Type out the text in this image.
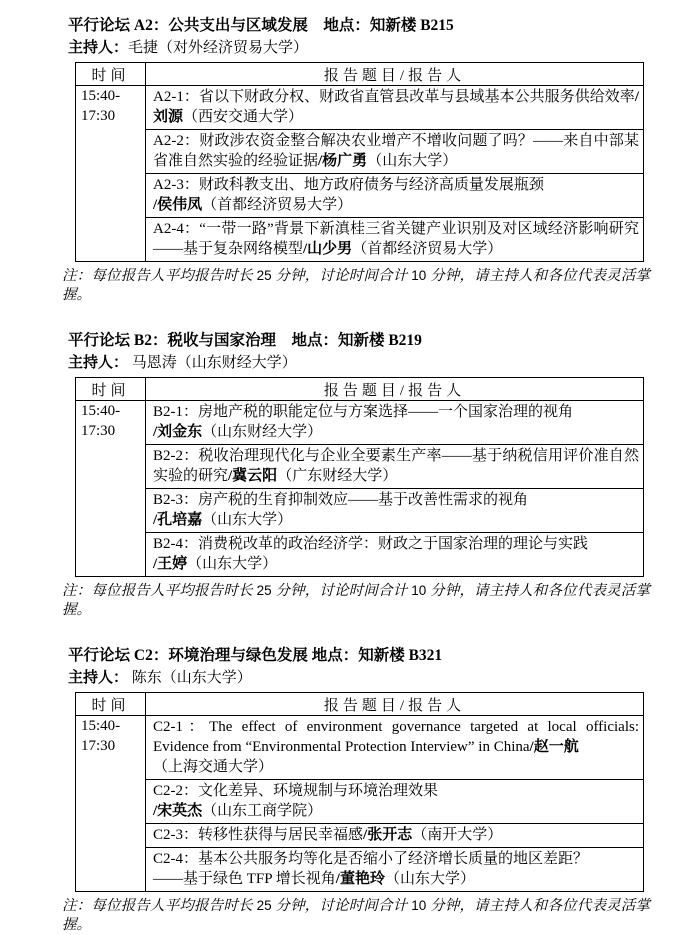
平行论坛 A2：公共支出与区域发展　地点：知新楼 B215
主持人：毛捷（对外经济贸易大学）
时间	报告题目/报告人

15:40-
17:30	A2-1：省以下财政分权、财政省直管县改革与县域基本公共服务供给效率/刘源（西安交通大学）
	A2-2：财政涉农资金整合解决农业增产不增收问题了吗？——来自中部某省准自然实验的经验证据/杨广勇（山东大学）
	A2-3：财政科教支出、地方政府债务与经济高质量发展瓶颈
/侯伟凤（首都经济贸易大学）
	A2-4：“一带一路”背景下新滇桂三省关键产业识别及对区域经济影响研究——基于复杂网络模型/山少男（首都经济贸易大学）
注：每位报告人平均报告时长 25 分钟，讨论时间合计 10 分钟，请主持人和各位代表灵活掌握。
平行论坛 B2：税收与国家治理　地点：知新楼 B219
主持人： 马恩涛（山东财经大学）
时间	报告题目/报告人

15:40-
17:30
	B2-1：房地产税的职能定位与方案选择——一个国家治理的视角
/刘金东（山东财经大学）
	B2-2：税收治理现代化与企业全要素生产率——基于纳税信用评价准自然实验的研究/冀云阳（广东财经大学）
	B2-3：房产税的生育抑制效应——基于改善性需求的视角
/孔培嘉（山东大学）
	B2-4：消费税改革的政治经济学：财政之于国家治理的理论与实践
/王婷（山东大学）
注：每位报告人平均报告时长 25 分钟，讨论时间合计 10 分钟，请主持人和各位代表灵活掌握。
平行论坛 C2：环境治理与绿色发展 地点：知新楼 B321
主持人： 陈东（山东大学）
时间	报告题目/报告人

15:40-
17:30
	C2-1：The effect of environment governance targeted at local officials: Evidence from “Environmental Protection Interview” in China/赵一航
（上海交通大学）
	C2-2：文化差异、环境规制与环境治理效果
/宋英杰（山东工商学院）
	C2-3：转移性获得与居民幸福感/张开志（南开大学）
	C2-4：基本公共服务均等化是否缩小了经济增长质量的地区差距？
——基于绿色 TFP 增长视角/董艳玲（山东大学）
注：每位报告人平均报告时长 25 分钟，讨论时间合计 10 分钟，请主持人和各位代表灵活掌握。
